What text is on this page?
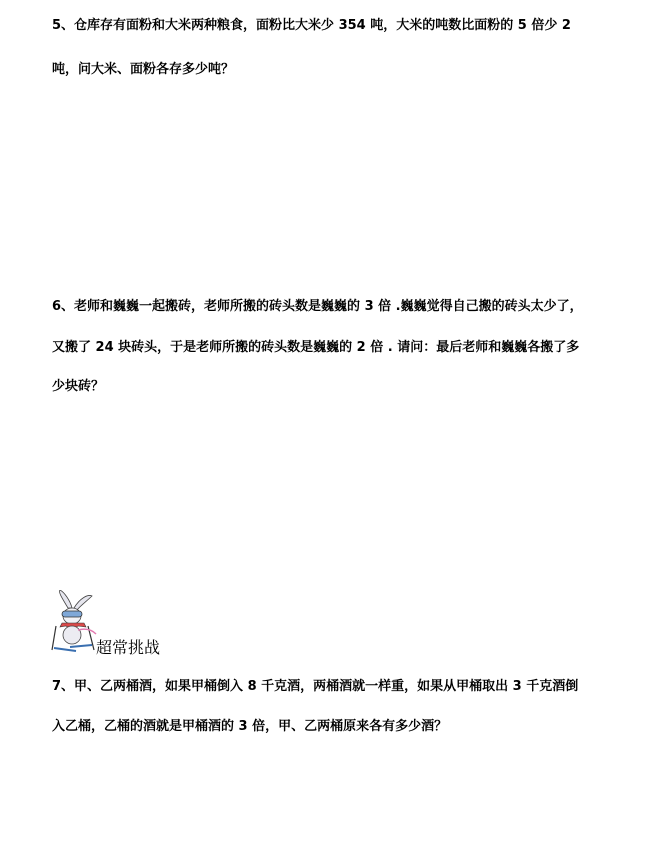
5、仓库存有面粉和大米两种粮食，面粉比大米少 354 吨，大米的吨数比面粉的 5 倍少 2
吨，问大米、面粉各存多少吨？
6、老师和巍巍一起搬砖，老师所搬的砖头数是巍巍的 3 倍 .巍巍觉得自己搬的砖头太少了，
又搬了 24 块砖头，于是老师所搬的砖头数是巍巍的 2 倍 . 请问：最后老师和巍巍各搬了多
少块砖？
超常挑战
7、甲、乙两桶酒，如果甲桶倒入 8 千克酒，两桶酒就一样重，如果从甲桶取出 3 千克酒倒
入乙桶，乙桶的酒就是甲桶酒的 3 倍，甲、乙两桶原来各有多少酒？
